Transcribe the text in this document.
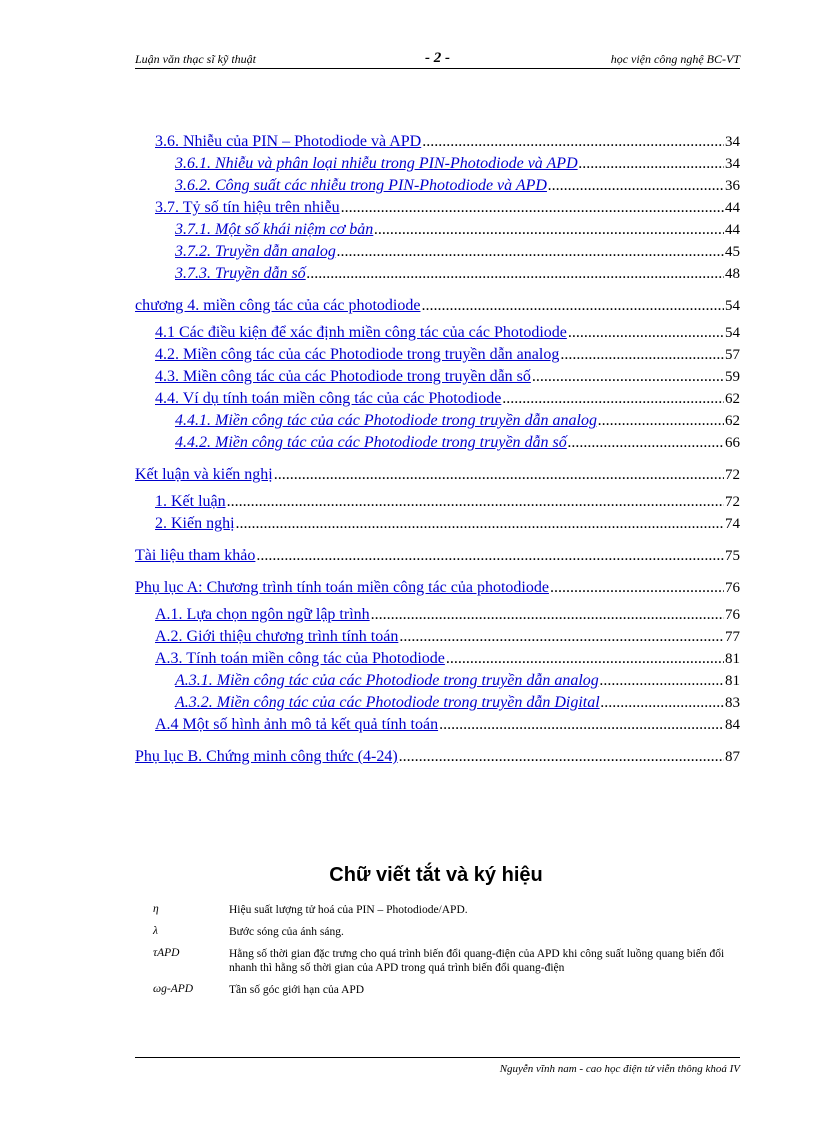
Luận văn thạc sĩ kỹ thuật	- 2 -	học viện công nghệ BC-VT
3.6. Nhiễu của PIN – Photodiode và APD .....	34
3.6.1. Nhiễu và phân loại nhiễu trong PIN-Photodiode và APD .....	34
3.6.2. Công suất các nhiễu trong PIN-Photodiode và APD .....	36
3.7. Tỷ số tín hiệu trên nhiễu .....	44
3.7.1. Một số khái niệm cơ bản .....	44
3.7.2. Truyền dẫn analog .....	45
3.7.3. Truyền dẫn số .....	48
chương 4. miền công tác của các photodiode .....	54
4.1 Các điều kiện để xác định miền công tác của các Photodiode .....	54
4.2. Miền công tác của các Photodiode trong truyền dẫn analog .....	57
4.3. Miền công tác của các Photodiode trong truyền dẫn số .....	59
4.4. Ví dụ tính toán miền công tác của các Photodiode .....	62
4.4.1. Miền công tác của các Photodiode trong truyền dẫn analog .....	62
4.4.2. Miền công tác của các Photodiode trong truyền dẫn số .....	66
Kết luận và kiến nghị .....	72
1. Kết luận .....	72
2. Kiến nghị .....	74
Tài liệu tham khảo .....	75
Phụ lục A: Chương trình tính toán miền công tác của photodiode .....	76
A.1. Lựa chọn ngôn ngữ lập trình .....	76
A.2. Giới thiệu chương trình tính toán .....	77
A.3. Tính toán miền công tác của Photodiode .....	81
A.3.1. Miền công tác của các Photodiode trong truyền dẫn analog .....	81
A.3.2. Miền công tác của các Photodiode trong truyền dẫn Digital .....	83
A.4 Một số hình ảnh mô tả kết quả tính toán .....	84
Phụ lục B. Chứng minh công thức (4-24) .....	87
Chữ viết tắt và ký hiệu
η	Hiệu suất lượng tử hoá của PIN – Photodiode/APD.
λ	Bước sóng của ánh sáng.
τAPD	Hằng số thời gian đặc trưng cho quá trình biến đổi quang-điện của APD khi công suất luồng quang biến đổi nhanh thì hằng số thời gian của APD trong quá trình biến đổi quang-điện
ωg-APD	Tần số góc giới hạn của APD
Nguyễn vĩnh nam - cao học điện tử viễn thông khoá IV
